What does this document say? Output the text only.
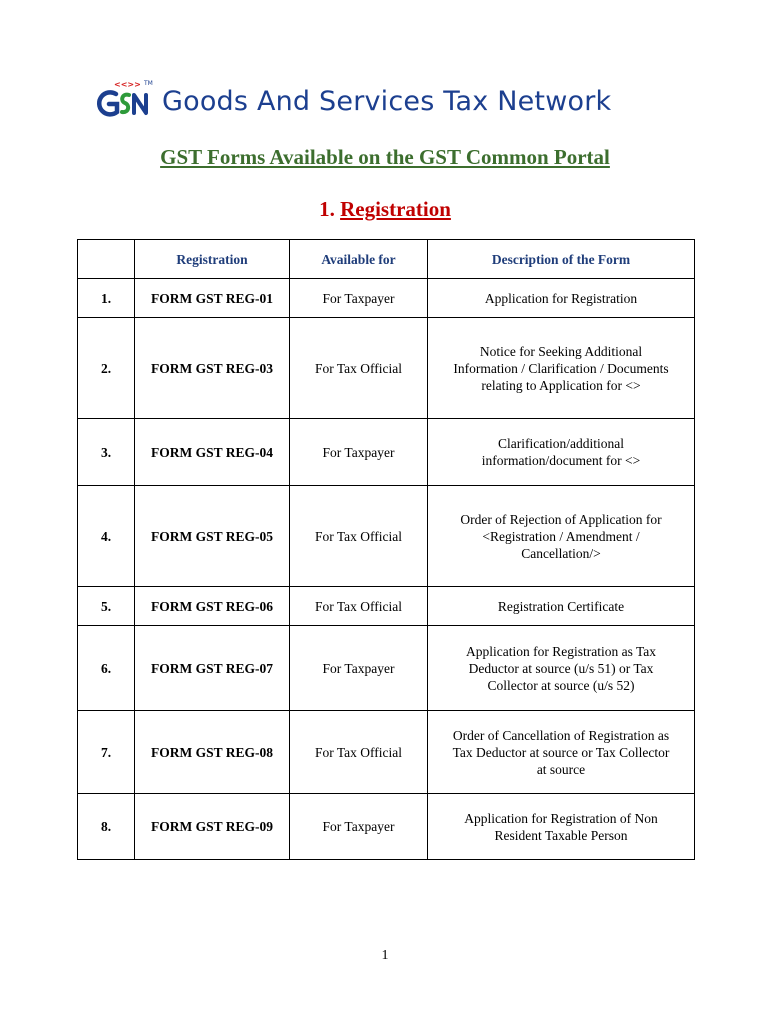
<<>> TM
Goods And Services Tax Network
GST Forms Available on the GST Common Portal
1. Registration
	Registration	Available for	Description of the Form
1.	FORM GST REG-01	For Taxpayer	Application for Registration

2.	FORM GST REG-03	For Tax Official	Notice for Seeking Additional
Information / Clarification / Documents
relating to Application for <>

3.	FORM GST REG-04	For Taxpayer	Clarification/additional
information/document for <>

4.	FORM GST REG-05	For Tax Official	Order of Rejection of Application for
<Registration / Amendment /
Cancellation/>

5.	FORM GST REG-06	For Tax Official	Registration Certificate

6.	FORM GST REG-07	For Taxpayer	Application for Registration as Tax
Deductor at source (u/s 51) or Tax
Collector at source (u/s 52)

7.	FORM GST REG-08	For Tax Official	Order of Cancellation of Registration as
Tax Deductor at source or Tax Collector
at source

8.	FORM GST REG-09	For Taxpayer	Application for Registration of Non
Resident Taxable Person
1
